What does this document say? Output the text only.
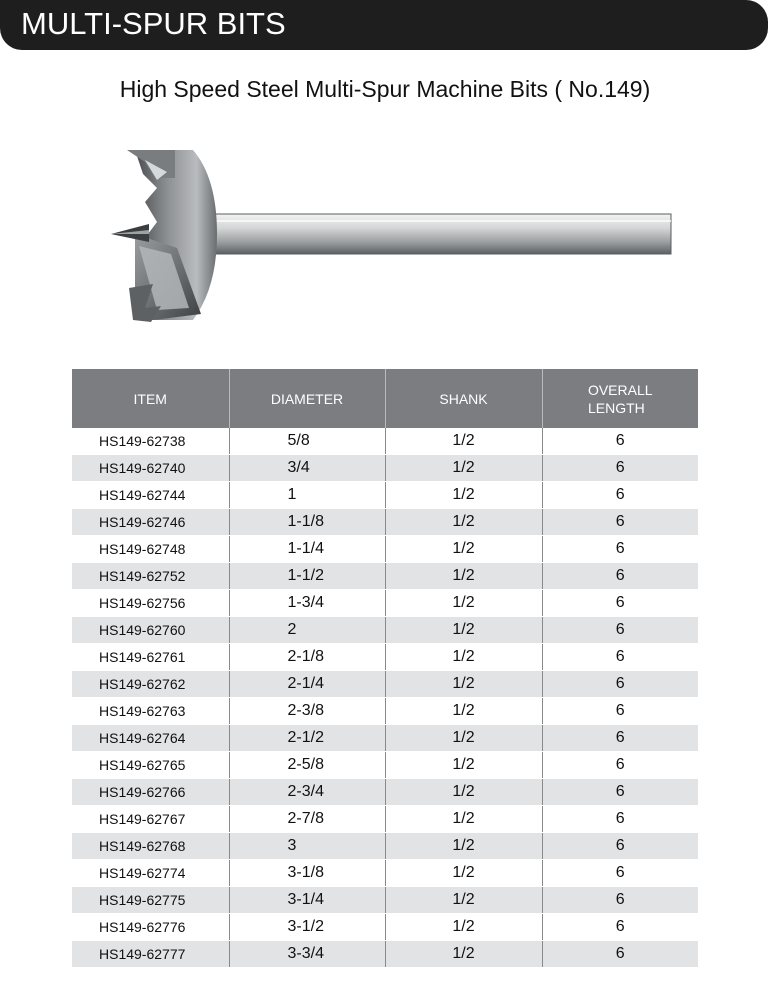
MULTI-SPUR BITS
High Speed Steel Multi-Spur Machine Bits ( No.149)
ITEM	DIAMETER	SHANK	OVERALL
LENGTH
HS149-62738	5/8	1/2	6
HS149-62740	3/4	1/2	6
HS149-62744	1	1/2	6
HS149-62746	1-1/8	1/2	6
HS149-62748	1-1/4	1/2	6
HS149-62752	1-1/2	1/2	6
HS149-62756	1-3/4	1/2	6
HS149-62760	2	1/2	6
HS149-62761	2-1/8	1/2	6
HS149-62762	2-1/4	1/2	6
HS149-62763	2-3/8	1/2	6
HS149-62764	2-1/2	1/2	6
HS149-62765	2-5/8	1/2	6
HS149-62766	2-3/4	1/2	6
HS149-62767	2-7/8	1/2	6
HS149-62768	3	1/2	6
HS149-62774	3-1/8	1/2	6
HS149-62775	3-1/4	1/2	6
HS149-62776	3-1/2	1/2	6
HS149-62777	3-3/4	1/2	6
